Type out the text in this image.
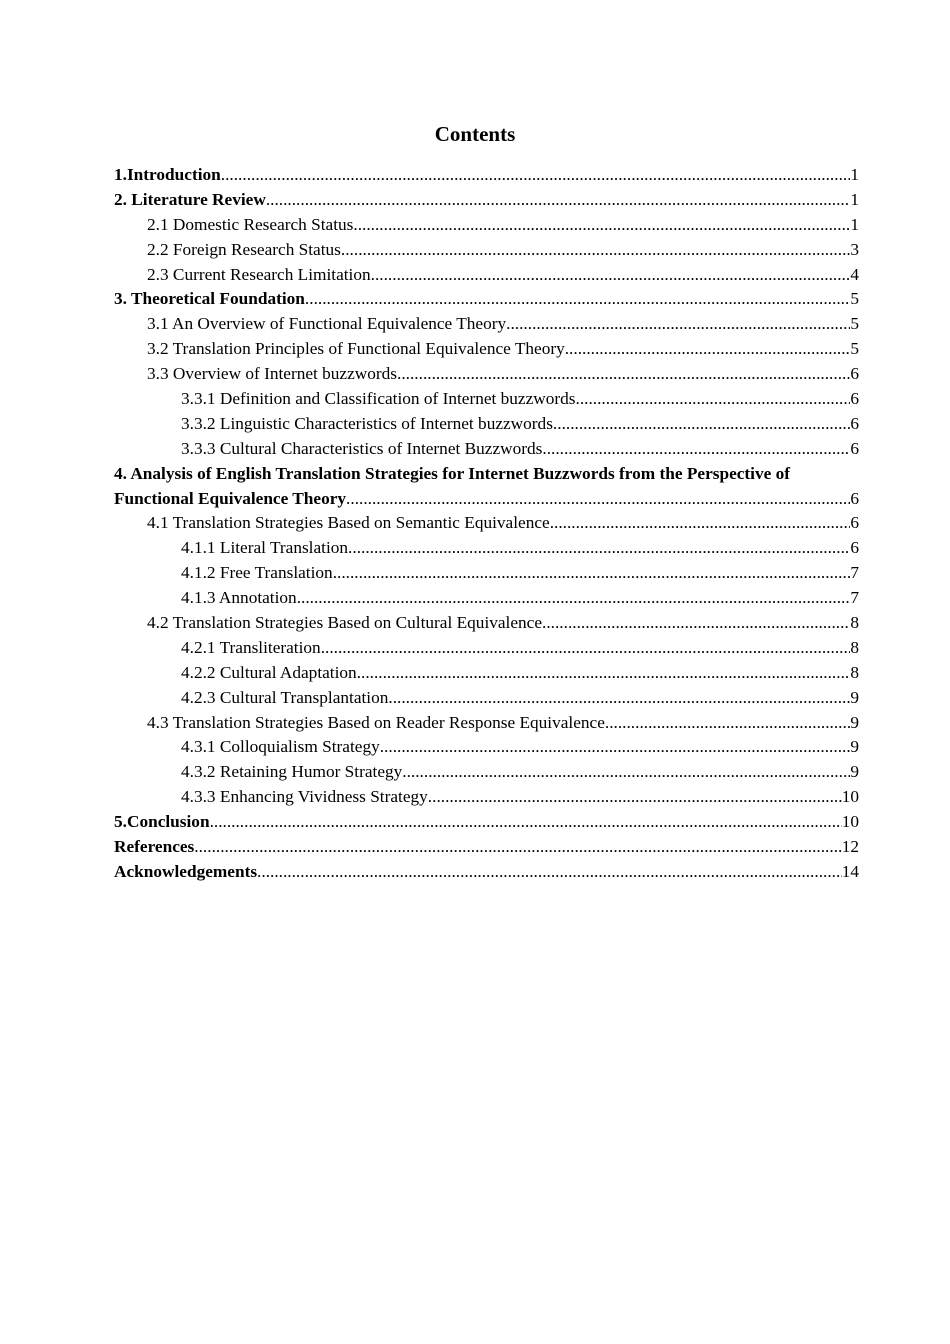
Contents
1.Introduction .....	1
2. Literature Review .....	1
2.1 Domestic Research Status .....	1
2.2 Foreign Research Status .....	3
2.3 Current Research Limitation .....	4
3. Theoretical Foundation .....	5
3.1 An Overview of Functional Equivalence Theory .....	5
3.2 Translation Principles of Functional Equivalence Theory .....	5
3.3 Overview of Internet buzzwords .....	6
3.3.1 Definition and Classification of Internet buzzwords .....	6
3.3.2 Linguistic Characteristics of Internet buzzwords .....	6
3.3.3 Cultural Characteristics of Internet Buzzwords .....	6
4. Analysis of English Translation Strategies for Internet Buzzwords from the Perspective of
Functional Equivalence Theory .....	6
4.1 Translation Strategies Based on Semantic Equivalence .....	6
4.1.1 Literal Translation .....	6
4.1.2 Free Translation .....	7
4.1.3 Annotation .....	7
4.2 Translation Strategies Based on Cultural Equivalence .....	8
4.2.1 Transliteration .....	8
4.2.2 Cultural Adaptation .....	8
4.2.3 Cultural Transplantation .....	9
4.3 Translation Strategies Based on Reader Response Equivalence .....	9
4.3.1 Colloquialism Strategy .....	9
4.3.2 Retaining Humor Strategy .....	9
4.3.3 Enhancing Vividness Strategy .....	10
5.Conclusion .....	10
References .....	12
Acknowledgements .....	14
